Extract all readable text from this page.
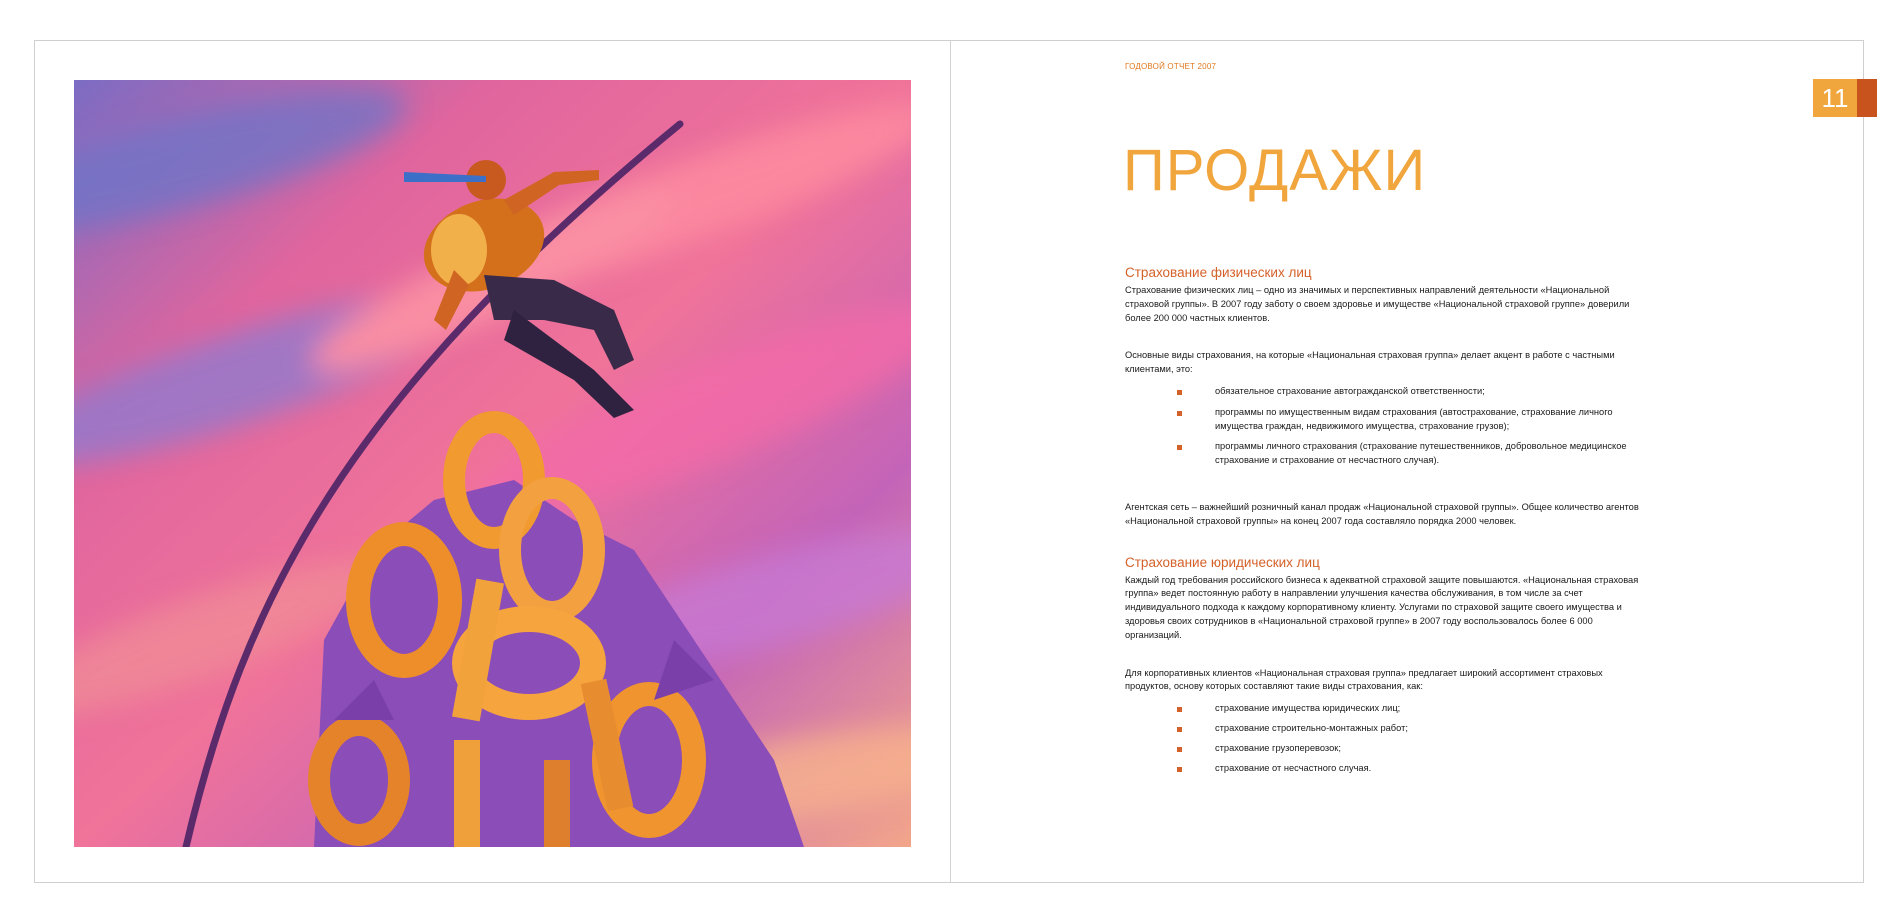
ГОДОВОЙ ОТЧЕТ 2007
11
ПРОДАЖИ
Страхование физических лиц

Страхование физических лиц – одно из значимых и перспективных направлений деятельности «Национальной страховой группы». В 2007 году заботу о своем здоровье и имуществе «Национальной страховой группе» доверили более 200 000 частных клиентов.

Основные виды страхования, на которые «Национальная страховая группа» делает акцент в работе с частными клиентами, это:

обязательное страхование автогражданской ответственности;
программы по имущественным видам страхования (автострахование, страхование личного имущества граждан, недвижимого имущества, страхование грузов);
программы личного страхования (страхование путешественников, добровольное медицинское страхование и страхование от несчастного случая).

Агентская сеть – важнейший розничный канал продаж «Национальной страховой группы». Общее количество агентов «Национальной страховой группы» на конец 2007 года составляло порядка 2000 человек.

Страхование юридических лиц

Каждый год требования российского бизнеса к адекватной страховой защите повышаются. «Национальная страховая группа» ведет постоянную работу в направлении улучшения качества обслуживания, в том числе за счет индивидуального подхода к каждому корпоративному клиенту. Услугами по страховой защите своего имущества и здоровья своих сотрудников в «Национальной страховой группе» в 2007 году воспользовалось более 6 000 организаций.

Для корпоративных клиентов «Национальная страховая группа» предлагает широкий ассортимент страховых продуктов, основу которых составляют такие виды страхования, как:

страхование имущества юридических лиц;
страхование строительно-монтажных работ;
страхование грузоперевозок;
страхование от несчастного случая.
